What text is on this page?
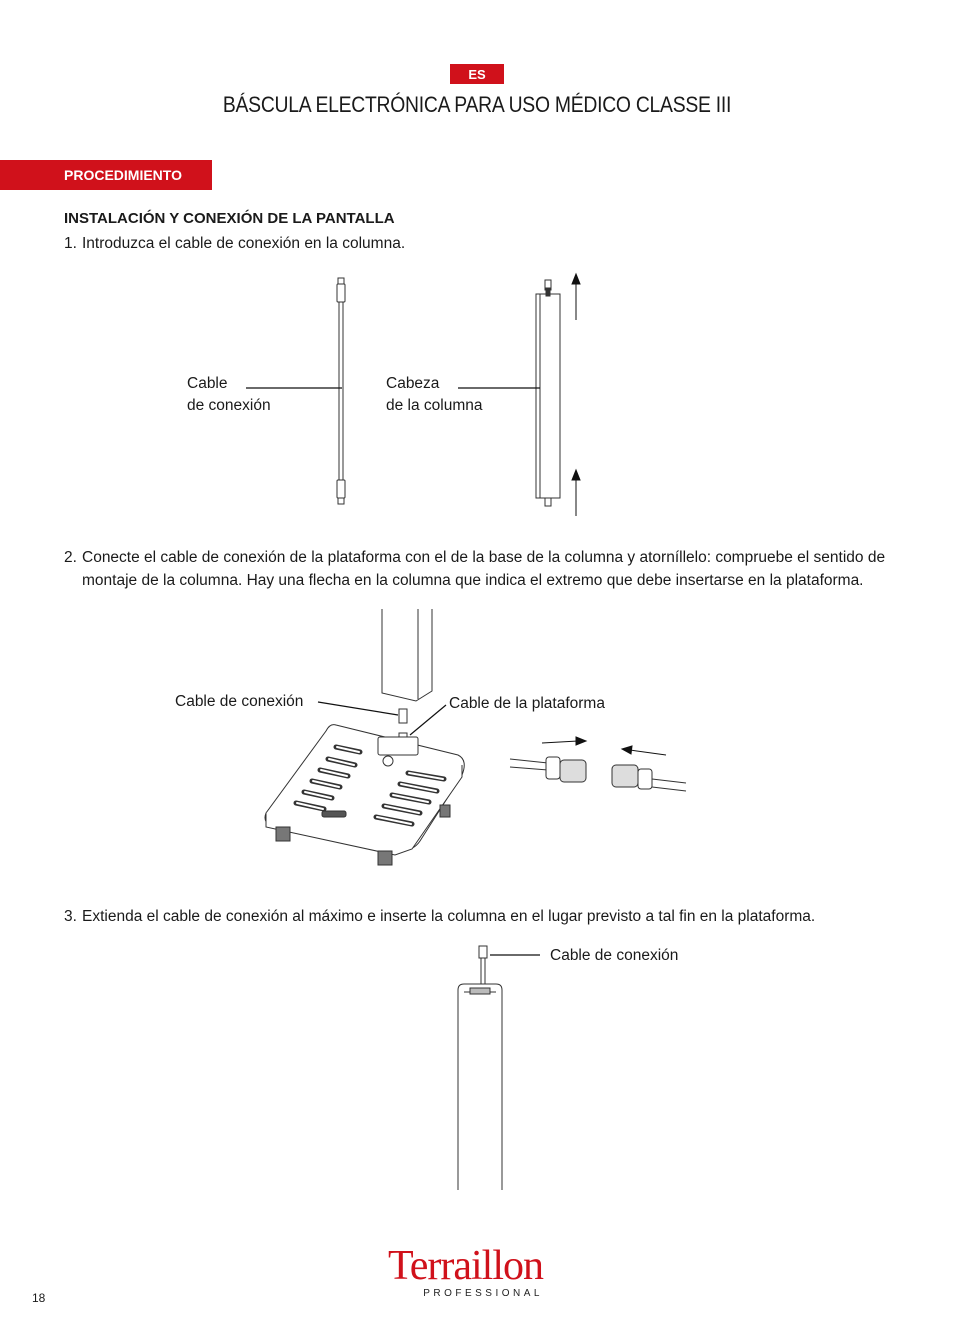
ES
BÁSCULA ELECTRÓNICA PARA USO MÉDICO CLASSE III
PROCEDIMIENTO
INSTALACIÓN Y CONEXIÓN DE LA PANTALLA
1. Introduzca el cable de conexión en la columna.
Cable
de conexión
Cabeza
de la columna
2. Conecte el cable de conexión de la plataforma con el de la base de la columna y atorníllelo: compruebe el sentido de montaje de la columna. Hay una flecha en la columna que indica el extremo que debe insertarse en la plataforma.
Cable de conexión	Cable de la plataforma
3. Extienda el cable de conexión al máximo e inserte la columna en el lugar previsto a tal fin en la plataforma.
Cable de conexión
Terraillon
PROFESSIONAL
18
